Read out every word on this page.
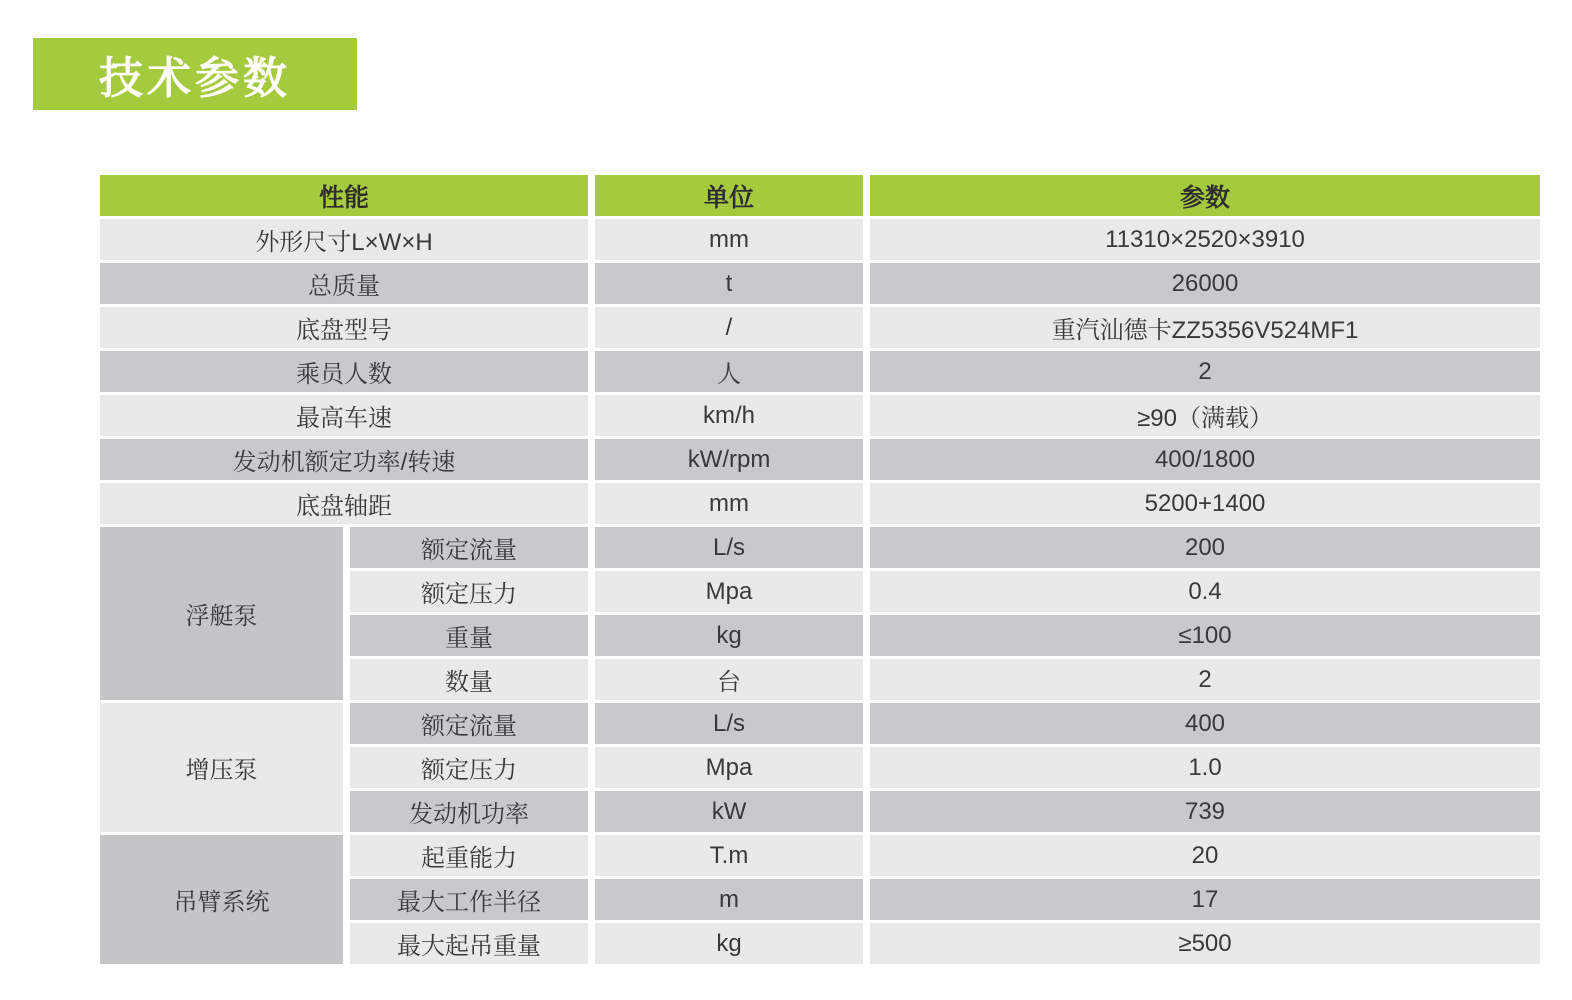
技术参数
性能		单位	参数
外形尺寸L×W×H		mm	11310×2520×3910
总质量		t	26000
底盘型号		/	重汽汕德卡ZZ5356V524MF1
乘员人数		人	2
最高车速		km/h	≥90（满载）
发动机额定功率/转速		kW/rpm	400/1800
底盘轴距		mm	5200+1400
浮艇泵	额定流量	L/s	200
	额定压力	Mpa	0.4
	重量	kg	≤100
	数量	台	2
增压泵	额定流量	L/s	400
	额定压力	Mpa	1.0
	发动机功率	kW	739
吊臂系统	起重能力	T.m	20
	最大工作半径	m	17
	最大起吊重量	kg	≥500
